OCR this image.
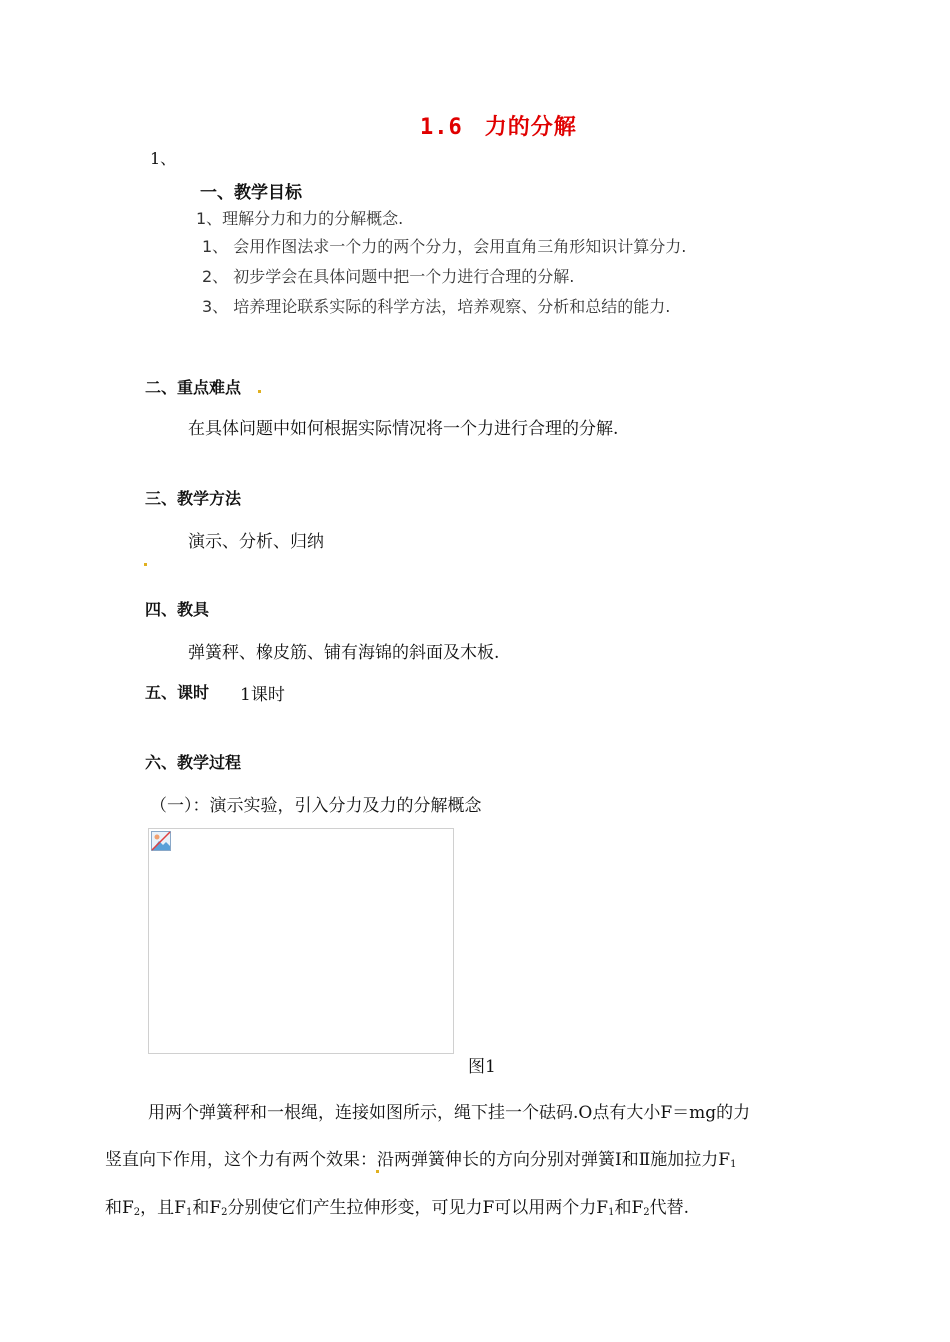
1.6 力的分解
1、
一、教学目标
1、理解分力和力的分解概念.
1、 会用作图法求一个力的两个分力，会用直角三角形知识计算分力.
2、 初步学会在具体问题中把一个力进行合理的分解.
3、 培养理论联系实际的科学方法，培养观察、分析和总结的能力.
二、重点难点
在具体问题中如何根据实际情况将一个力进行合理的分解.
三、教学方法
演示、分析、归纳
四、教具
弹簧秤、橡皮筋、铺有海锦的斜面及木板.
五、课时 1课时
六、教学过程
（一）：演示实验，引入分力及力的分解概念
图1
用两个弹簧秤和一根绳，连接如图所示，绳下挂一个砝码.O点有大小F＝mg的力
竖直向下作用，这个力有两个效果：沿两弹簧伸长的方向分别对弹簧Ⅰ和Ⅱ施加拉力$F_1$
和$F_2$，且$F_1$和$F_2$分别使它们产生拉伸形变，可见力F可以用两个力$F_1$和$F_2$代替.
